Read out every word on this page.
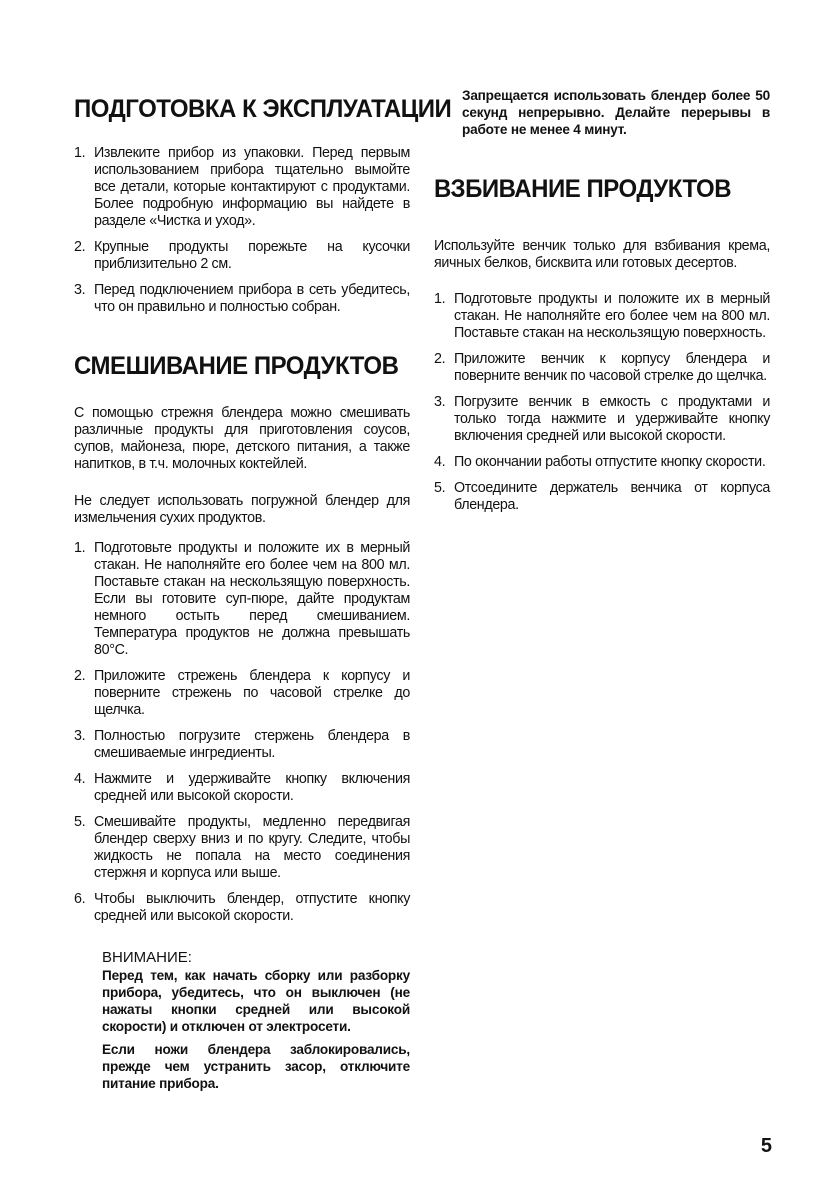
ПОДГОТОВКА К ЭКСПЛУАТАЦИИ
1. Извлеките прибор из упаковки. Перед первым использованием прибора тщательно вымойте все детали, которые контактируют с продуктами. Более подробную информацию вы найдете в разделе «Чистка и уход».
2. Крупные продукты порежьте на кусочки приблизительно 2 см.
3. Перед подключением прибора в сеть убедитесь, что он правильно и полностью собран.
СМЕШИВАНИЕ ПРОДУКТОВ

С помощью стрежня блендера можно смешивать различные продукты для приготовления соусов, супов, майонеза, пюре, детского питания, а также напитков, в т.ч. молочных коктейлей.

Не следует использовать погружной блендер для измельчения сухих продуктов.

1. Подготовьте продукты и положите их в мерный стакан. Не наполняйте его более чем на 800 мл. Поставьте стакан на нескользящую поверхность. Если вы готовите суп-пюре, дайте продуктам немного остыть перед смешиванием. Температура продуктов не должна превышать 80°С.
2. Приложите стрежень блендера к корпусу и поверните стрежень по часовой стрелке до щелчка.
3. Полностью погрузите стержень блендера в смешиваемые ингредиенты.
4. Нажмите и удерживайте кнопку включения средней или высокой скорости.
5. Смешивайте продукты, медленно передвигая блендер сверху вниз и по кругу. Следите, чтобы жидкость не попала на место соединения стержня и корпуса или выше.
6. Чтобы выключить блендер, отпустите кнопку средней или высокой скорости.
ВНИМАНИЕ:

Перед тем, как начать сборку или разборку прибора, убедитесь, что он выключен (не нажаты кнопки средней или высокой скорости) и отключен от электросети.

Если ножи блендера заблокировались, прежде чем устранить засор, отключите питание прибора.

Запрещается использовать блендер более 50 секунд непрерывно. Делайте перерывы в работе не менее 4 минут.

ВЗБИВАНИЕ ПРОДУКТОВ

Используйте венчик только для взбивания крема, яичных белков, бисквита или готовых десертов.

1. Подготовьте продукты и положите их в мерный стакан. Не наполняйте его более чем на 800 мл. Поставьте стакан на нескользящую поверхность.
2. Приложите венчик к корпусу блендера и поверните венчик по часовой стрелке до щелчка.
3. Погрузите венчик в емкость с продуктами и только тогда нажмите и удерживайте кнопку включения средней или высокой скорости.
4. По окончании работы отпустите кнопку скорости.
5. Отсоедините держатель венчика от корпуса блендера.
5
